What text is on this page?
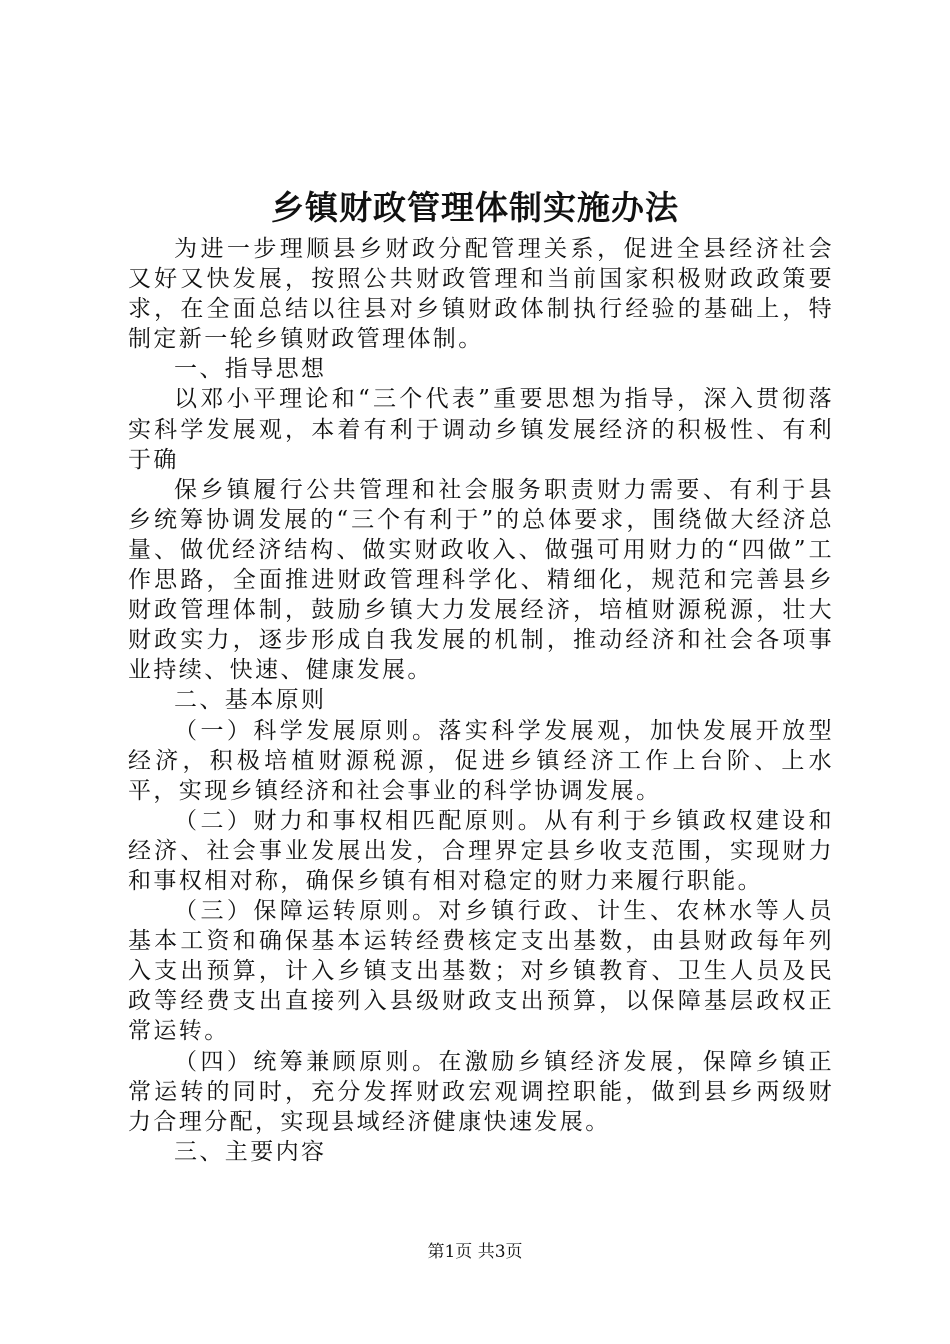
乡镇财政管理体制实施办法

为进一步理顺县乡财政分配管理关系，促进全县经济社会又好又快发展，按照公共财政管理和当前国家积极财政政策要求，在全面总结以往县对乡镇财政体制执行经验的基础上，特制定新一轮乡镇财政管理体制。

一、指导思想

以邓小平理论和“三个代表”重要思想为指导，深入贯彻落实科学发展观，本着有利于调动乡镇发展经济的积极性、有利于确

保乡镇履行公共管理和社会服务职责财力需要、有利于县乡统筹协调发展的“三个有利于”的总体要求，围绕做大经济总量、做优经济结构、做实财政收入、做强可用财力的“四做”工作思路，全面推进财政管理科学化、精细化，规范和完善县乡财政管理体制，鼓励乡镇大力发展经济，培植财源税源，壮大财政实力，逐步形成自我发展的机制，推动经济和社会各项事业持续、快速、健康发展。

二、基本原则

（一）科学发展原则。落实科学发展观，加快发展开放型经济，积极培植财源税源，促进乡镇经济工作上台阶、上水平，实现乡镇经济和社会事业的科学协调发展。

（二）财力和事权相匹配原则。从有利于乡镇政权建设和经济、社会事业发展出发，合理界定县乡收支范围，实现财力和事权相对称，确保乡镇有相对稳定的财力来履行职能。

（三）保障运转原则。对乡镇行政、计生、农林水等人员基本工资和确保基本运转经费核定支出基数，由县财政每年列入支出预算，计入乡镇支出基数；对乡镇教育、卫生人员及民政等经费支出直接列入县级财政支出预算，以保障基层政权正常运转。

（四）统筹兼顾原则。在激励乡镇经济发展，保障乡镇正常运转的同时，充分发挥财政宏观调控职能，做到县乡两级财力合理分配，实现县域经济健康快速发展。

三、主要内容

第1页 共3页
